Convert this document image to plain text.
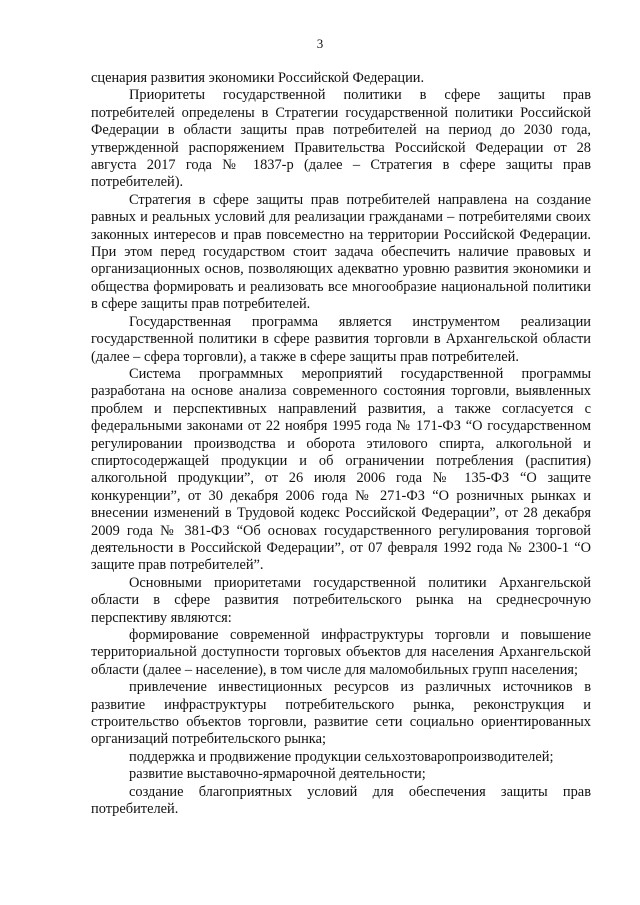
3

сценария развития экономики Российской Федерации.

Приоритеты государственной политики в сфере защиты прав потребителей определены в Стратегии государственной политики Российской Федерации в области защиты прав потребителей на период до 2030 года, утвержденной распоряжением Правительства Российской Федерации от 28 августа 2017 года № 1837-р (далее – Стратегия в сфере защиты прав потребителей).

Стратегия в сфере защиты прав потребителей направлена на создание равных и реальных условий для реализации гражданами – потребителями своих законных интересов и прав повсеместно на территории Российской Федерации. При этом перед государством стоит задача обеспечить наличие правовых и организационных основ, позволяющих адекватно уровню развития экономики и общества формировать и реализовать все многообразие национальной политики в сфере защиты прав потребителей.

Государственная программа является инструментом реализации государственной политики в сфере развития торговли в Архангельской области (далее – сфера торговли), а также в сфере защиты прав потребителей.

Система программных мероприятий государственной программы разработана на основе анализа современного состояния торговли, выявленных проблем и перспективных направлений развития, а также согласуется с федеральными законами от 22 ноября 1995 года № 171-ФЗ “О государственном регулировании производства и оборота этилового спирта, алкогольной и спиртосодержащей продукции и об ограничении потребления (распития) алкогольной продукции”, от 26 июля 2006 года № 135-ФЗ “О защите конкуренции”, от 30 декабря 2006 года № 271-ФЗ “О розничных рынках и внесении изменений в Трудовой кодекс Российской Федерации”, от 28 декабря 2009 года № 381-ФЗ “Об основах государственного регулирования торговой деятельности в Российской Федерации”, от 07 февраля 1992 года № 2300-1 “О защите прав потребителей”.

Основными приоритетами государственной политики Архангельской области в сфере развития потребительского рынка на среднесрочную перспективу являются:

формирование современной инфраструктуры торговли и повышение территориальной доступности торговых объектов для населения Архангельской области (далее – население), в том числе для маломобильных групп населения;

привлечение инвестиционных ресурсов из различных источников в развитие инфраструктуры потребительского рынка, реконструкция и строительство объектов торговли, развитие сети социально ориентированных организаций потребительского рынка;

поддержка и продвижение продукции сельхозтоваропроизводителей;

развитие выставочно-ярмарочной деятельности;

создание благоприятных условий для обеспечения защиты прав потребителей.
